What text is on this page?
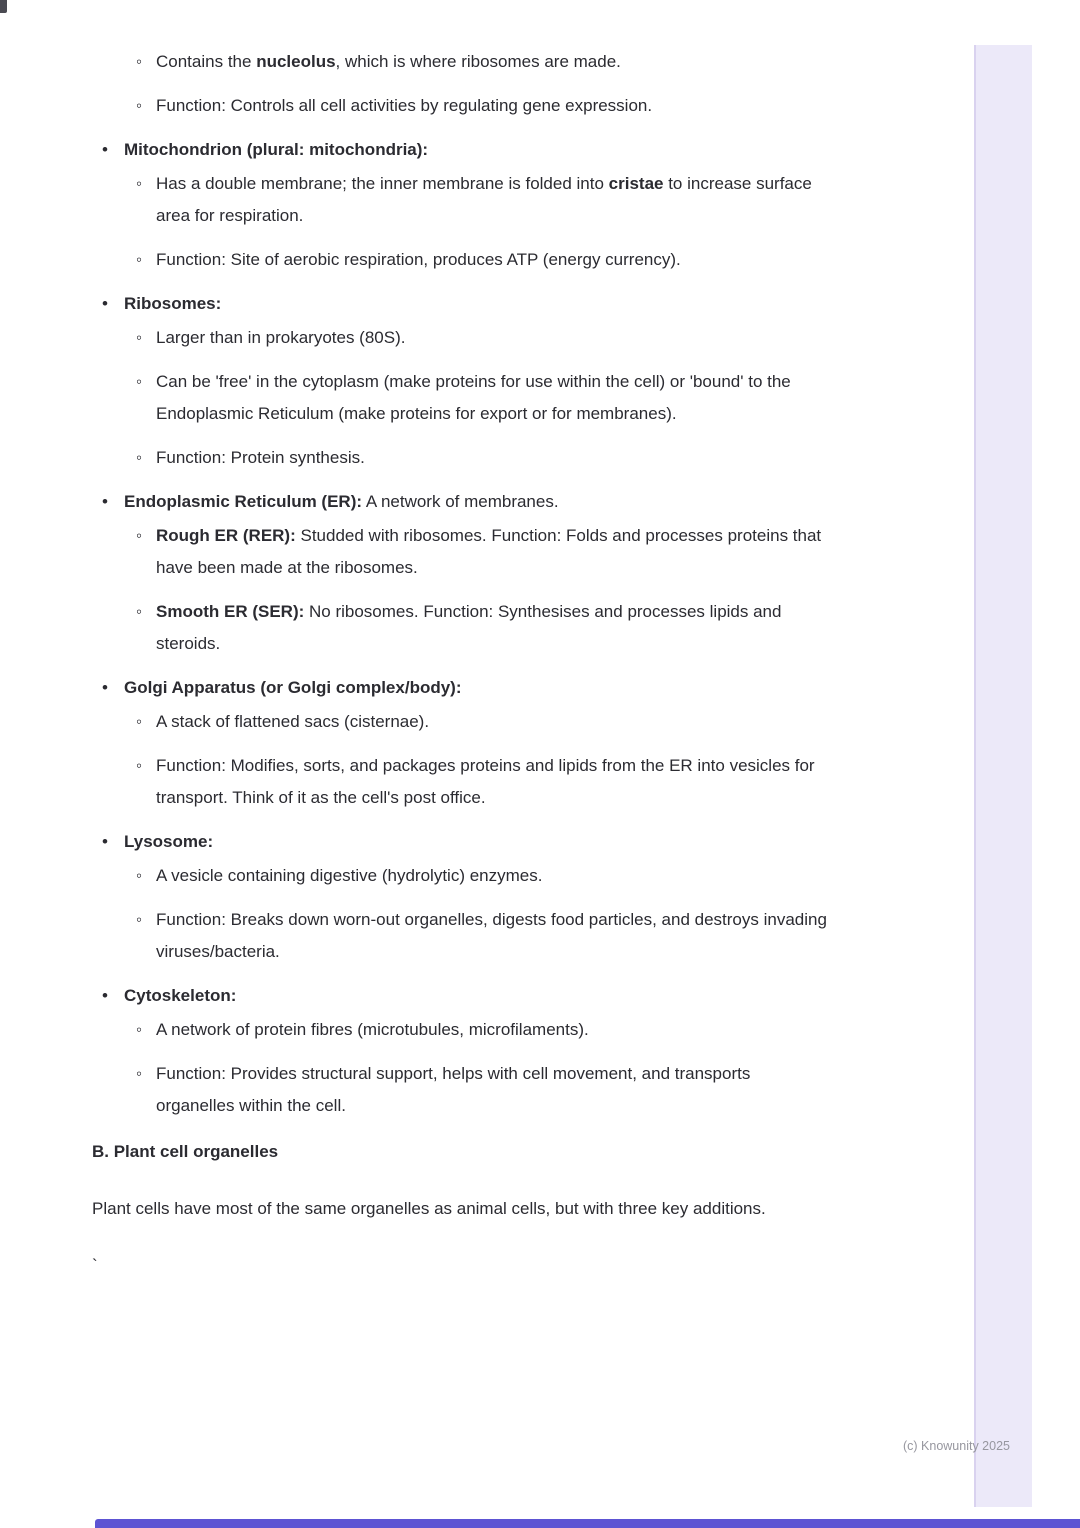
◦ Contains the nucleolus, which is where ribosomes are made.
◦ Function: Controls all cell activities by regulating gene expression.
• Mitochondrion (plural: mitochondria):
◦ Has a double membrane; the inner membrane is folded into cristae to increase surface area for respiration.
◦ Function: Site of aerobic respiration, produces ATP (energy currency).
• Ribosomes:
◦ Larger than in prokaryotes (80S).
◦ Can be 'free' in the cytoplasm (make proteins for use within the cell) or 'bound' to the Endoplasmic Reticulum (make proteins for export or for membranes).
◦ Function: Protein synthesis.
• Endoplasmic Reticulum (ER): A network of membranes.
◦ Rough ER (RER): Studded with ribosomes. Function: Folds and processes proteins that have been made at the ribosomes.
◦ Smooth ER (SER): No ribosomes. Function: Synthesises and processes lipids and steroids.
• Golgi Apparatus (or Golgi complex/body):
◦ A stack of flattened sacs (cisternae).
◦ Function: Modifies, sorts, and packages proteins and lipids from the ER into vesicles for transport. Think of it as the cell's post office.
• Lysosome:
◦ A vesicle containing digestive (hydrolytic) enzymes.
◦ Function: Breaks down worn-out organelles, digests food particles, and destroys invading viruses/bacteria.
• Cytoskeleton:
◦ A network of protein fibres (microtubules, microfilaments).
◦ Function: Provides structural support, helps with cell movement, and transports organelles within the cell.
B. Plant cell organelles
Plant cells have most of the same organelles as animal cells, but with three key additions.
`
(c) Knowunity 2025
